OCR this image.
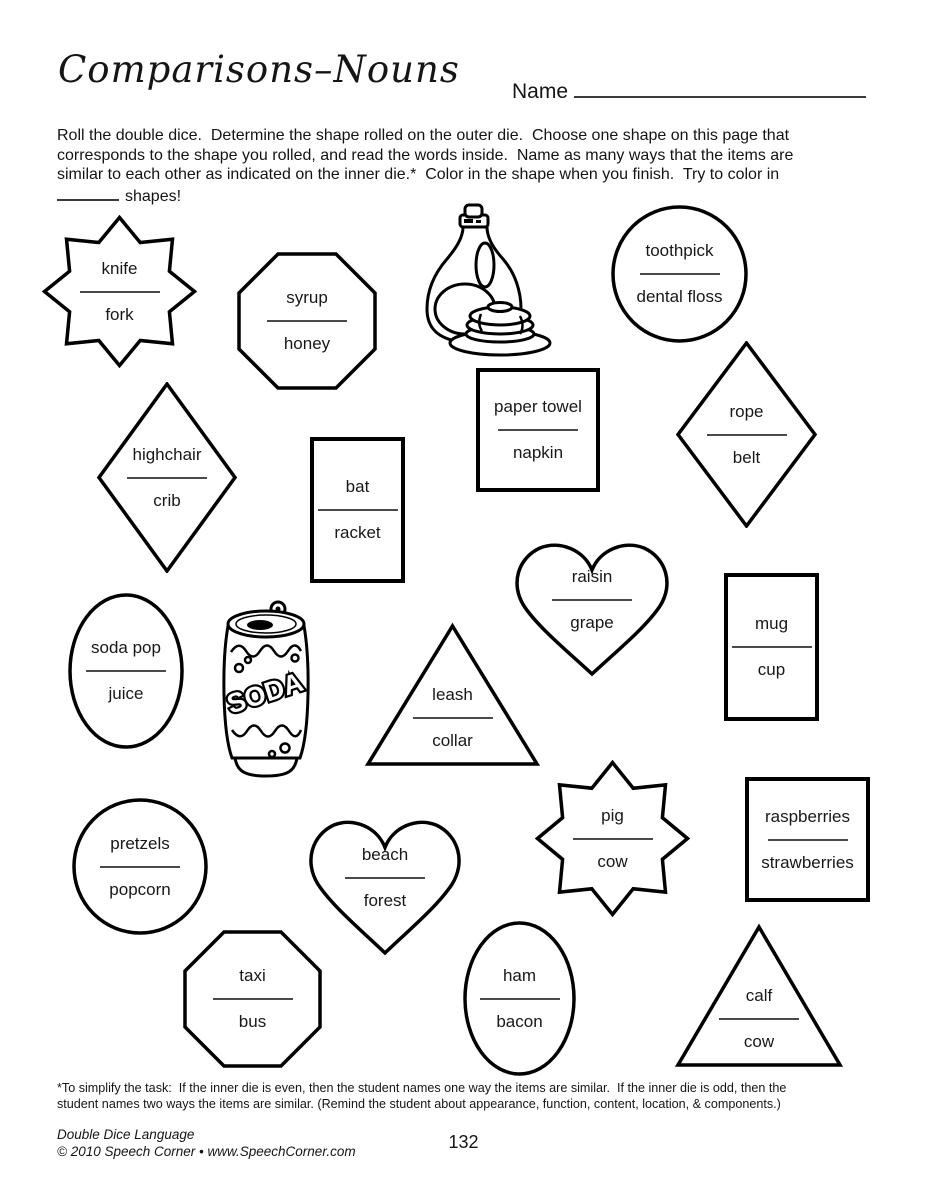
Comparisons–Nouns
Name
Roll the double dice.  Determine the shape rolled on the outer die.  Choose one shape on this page that
corresponds to the shape you rolled, and read the words inside.  Name as many ways that the items are
similar to each other as indicated on the inner die.*  Color in the shape when you finish.  Try to color in
shapes!
knife
fork
syrup
honey
toothpick
dental floss
paper towel
napkin
rope
belt
highchair
crib
bat
racket
raisin
grape	mug
cup
soda pop
juice	SODA	leash
collar
pretzels
popcorn
beach
forest
pig
cow
raspberries
strawberries
taxi
bus
ham
bacon
calf
cow
*To simplify the task:  If the inner die is even, then the student names one way the items are similar.  If the inner die is odd, then the
student names two ways the items are similar. (Remind the student about appearance, function, content, location, & components.)
Double Dice Language
© 2010 Speech Corner • www.SpeechCorner.com	132
